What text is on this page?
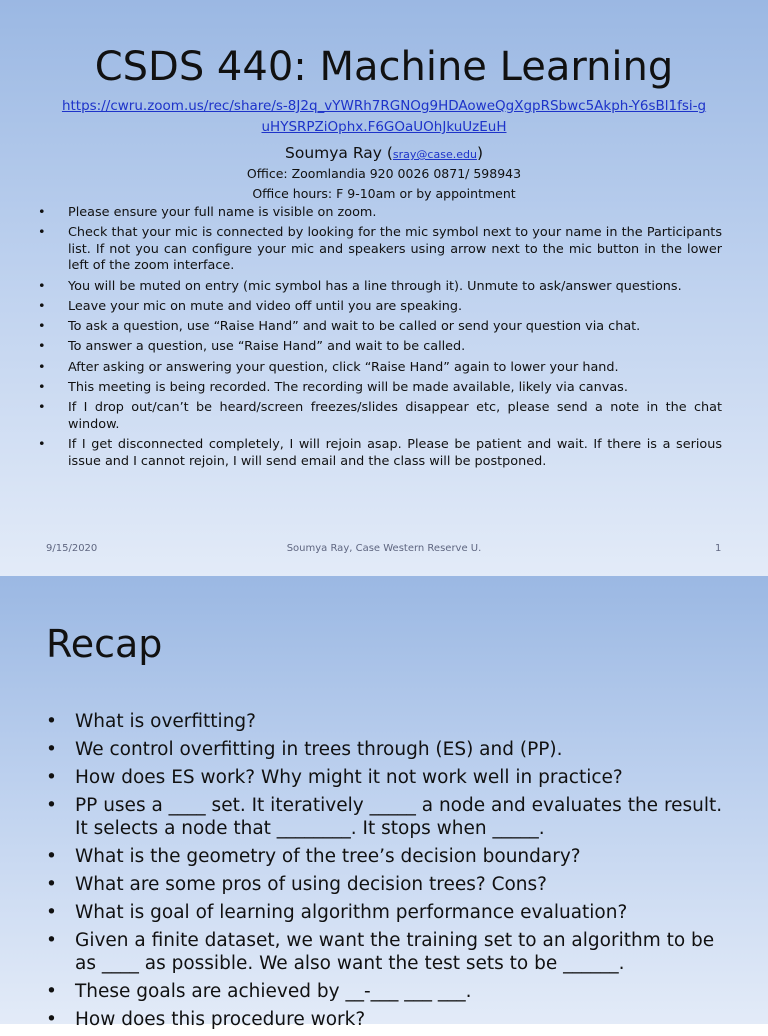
CSDS 440: Machine Learning
https://cwru.zoom.us/rec/share/s-8J2q_vYWRh7RGNOg9HDAoweQgXgpRSbwc5Akph-Y6sBl1fsi-guHYSRPZiOphx.F6GOaUOhJkuUzEuH
Soumya Ray (sray@case.edu)
Office: Zoomlandia 920 0026 0871/ 598943
Office hours: F 9-10am or by appointment
• Please ensure your full name is visible on zoom.
• Check that your mic is connected by looking for the mic symbol next to your name in the Participants list. If not you can configure your mic and speakers using arrow next to the mic button in the lower left of the zoom interface.
• You will be muted on entry (mic symbol has a line through it). Unmute to ask/answer questions.
• Leave your mic on mute and video off until you are speaking.
• To ask a question, use “Raise Hand” and wait to be called or send your question via chat.
• To answer a question, use “Raise Hand” and wait to be called.
• After asking or answering your question, click “Raise Hand” again to lower your hand.
• This meeting is being recorded. The recording will be made available, likely via canvas.
• If I drop out/can’t be heard/screen freezes/slides disappear etc, please send a note in the chat window.
• If I get disconnected completely, I will rejoin asap. Please be patient and wait. If there is a serious issue and I cannot rejoin, I will send email and the class will be postponed.
9/15/2020	Soumya Ray, Case Western Reserve U.	1
Recap
• What is overfitting?
• We control overfitting in trees through (ES) and (PP).
• How does ES work? Why might it not work well in practice?
• PP uses a ____ set. It iteratively _____ a node and evaluates the result. It selects a node that ________. It stops when _____.
• What is the geometry of the tree’s decision boundary?
• What are some pros of using decision trees? Cons?
• What is goal of learning algorithm performance evaluation?
• Given a finite dataset, we want the training set to an algorithm to be as ____ as possible. We also want the test sets to be ______.
• These goals are achieved by __-___ ___ ___.
• How does this procedure work?
